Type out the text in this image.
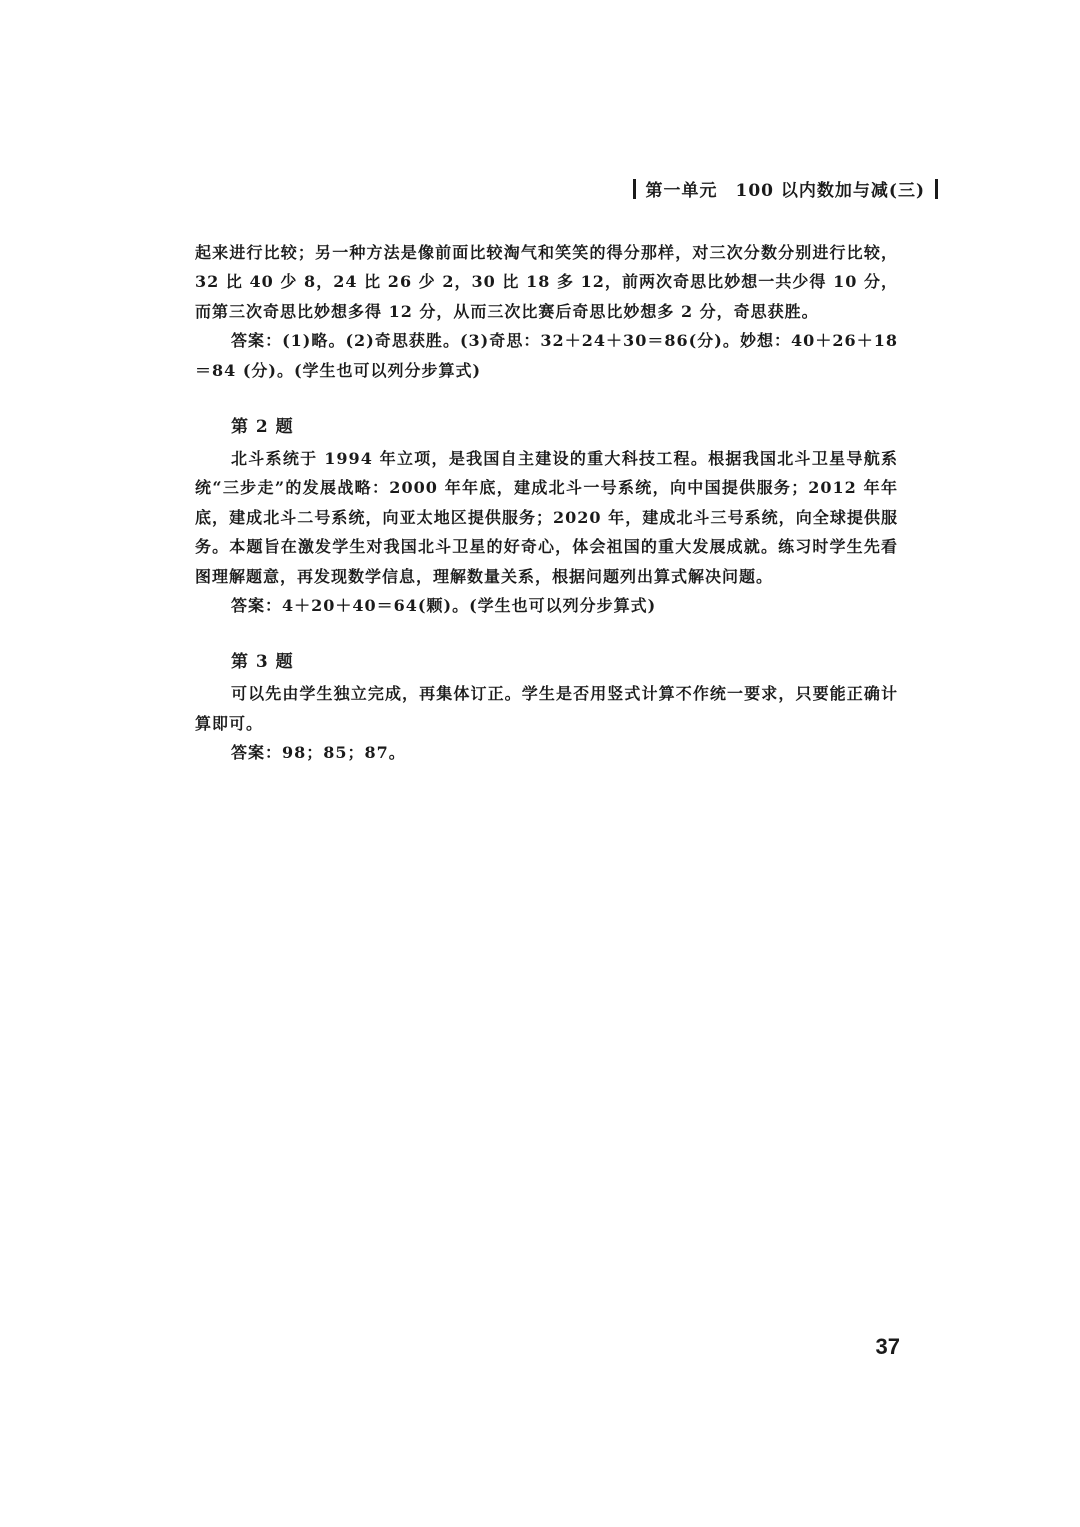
第一单元　100 以内数加与减(三)

起来进行比较；另一种方法是像前面比较淘气和笑笑的得分那样，对三次分数分别进行比较，32 比 40 少 8，24 比 26 少 2，30 比 18 多 12，前两次奇思比妙想一共少得 10 分，而第三次奇思比妙想多得 12 分，从而三次比赛后奇思比妙想多 2 分，奇思获胜。

答案：(1)略。(2)奇思获胜。(3)奇思：32＋24＋30＝86(分)。妙想：40＋26＋18＝84 (分)。(学生也可以列分步算式)

第 2 题

北斗系统于 1994 年立项，是我国自主建设的重大科技工程。根据我国北斗卫星导航系统“三步走”的发展战略：2000 年年底，建成北斗一号系统，向中国提供服务；2012 年年底，建成北斗二号系统，向亚太地区提供服务；2020 年，建成北斗三号系统，向全球提供服务。本题旨在激发学生对我国北斗卫星的好奇心，体会祖国的重大发展成就。练习时学生先看图理解题意，再发现数学信息，理解数量关系，根据问题列出算式解决问题。

答案：4＋20＋40＝64(颗)。(学生也可以列分步算式)

第 3 题

可以先由学生独立完成，再集体订正。学生是否用竖式计算不作统一要求，只要能正确计算即可。

答案：98；85；87。

37
